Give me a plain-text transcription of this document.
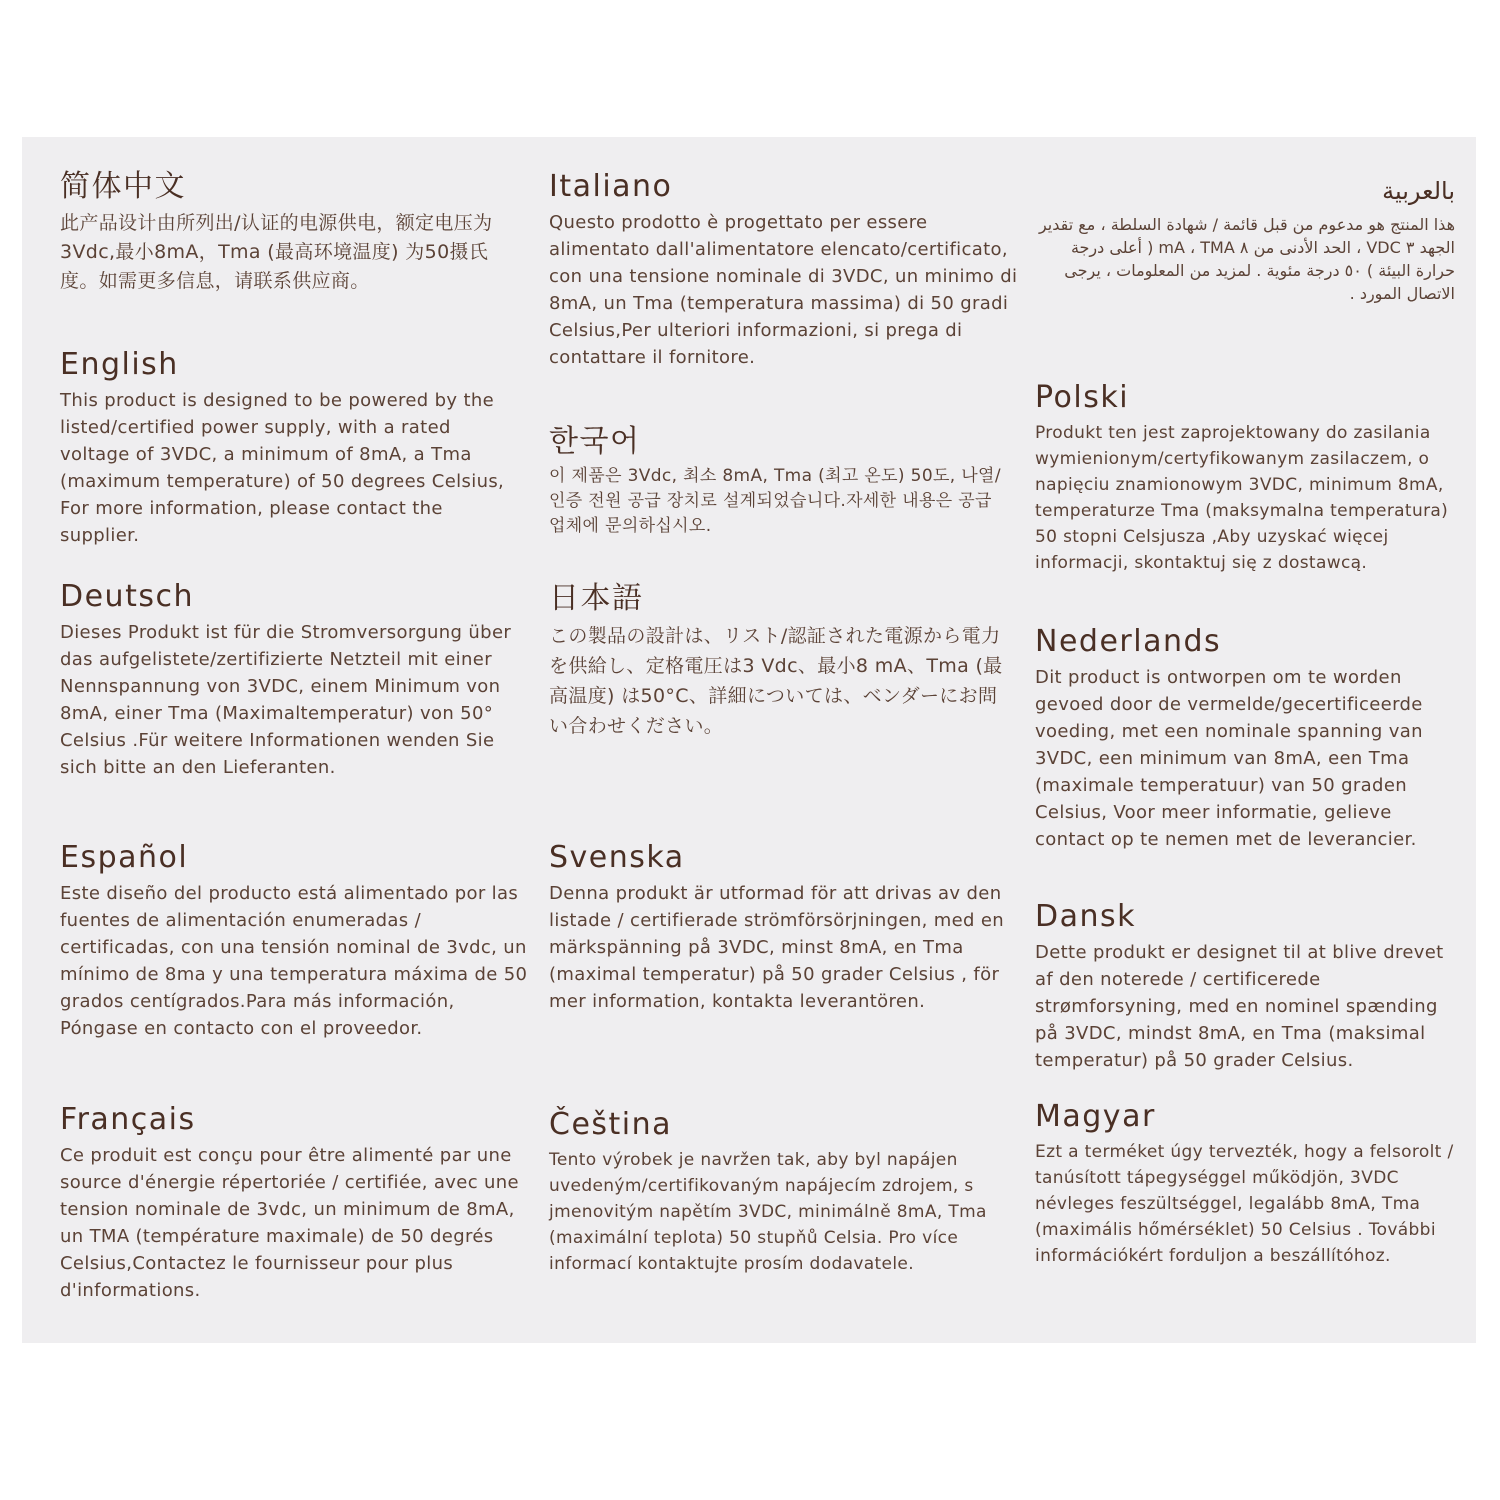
简体中文

此产品设计由所列出/认证的电源供电，额定电压为3Vdc,最小8mA，Tma (最高环境温度) 为50摄氏度。如需更多信息，请联系供应商。

English

This product is designed to be powered by the listed/certified power supply, with a rated voltage of 3VDC, a minimum of 8mA, a Tma (maximum temperature) of 50 degrees Celsius, For more information, please contact the supplier.

Deutsch

Dieses Produkt ist für die Stromversorgung über das aufgelistete/zertifizierte Netzteil mit einer Nennspannung von 3VDC, einem Minimum von 8mA, einer Tma (Maximaltemperatur) von 50° Celsius .Für weitere Informationen wenden Sie sich bitte an den Lieferanten.

Español

Este diseño del producto está alimentado por las fuentes de alimentación enumeradas / certificadas, con una tensión nominal de 3vdc, un mínimo de 8ma y una temperatura máxima de 50 grados centígrados.Para más información, Póngase en contacto con el proveedor.

Français

Ce produit est conçu pour être alimenté par une source d'énergie répertoriée / certifiée, avec une tension nominale de 3vdc, un minimum de 8mA, un TMA (température maximale) de 50 degrés Celsius,Contactez le fournisseur pour plus d'informations.

Italiano

Questo prodotto è progettato per essere alimentato dall'alimentatore elencato/certificato, con una tensione nominale di 3VDC, un minimo di 8mA, un Tma (temperatura massima) di 50 gradi Celsius,Per ulteriori informazioni, si prega di contattare il fornitore.

한국어

이 제품은 3Vdc, 최소 8mA, Tma (최고 온도) 50도, 나열/인증 전원 공급 장치로 설계되었습니다.자세한 내용은 공급업체에 문의하십시오.

日本語

この製品の設計は、リスト/認証された電源から電力を供給し、定格電圧は3 Vdc、最小8 mA、Tma (最高温度) は50°C、詳細については、ベンダーにお問い合わせください。

Svenska

Denna produkt är utformad för att drivas av den listade / certifierade strömförsörjningen, med en märkspänning på 3VDC, minst 8mA, en Tma (maximal temperatur) på 50 grader Celsius , för mer information, kontakta leverantören.

Čeština

Tento výrobek je navržen tak, aby byl napájen uvedeným/certifikovaným napájecím zdrojem, s jmenovitým napětím 3VDC, minimálně 8mA, Tma (maximální teplota) 50 stupňů Celsia. Pro více informací kontaktujte prosím dodavatele.

بالعربية

هذا المنتج هو مدعوم من قبل قائمة / شهادة السلطة ، مع تقدير الجهد ٣ VDC ، الحد الأدنى من ٨ mA ، TMA ( أعلى درجة حرارة البيئة ) ٥٠ درجة مئوية . لمزيد من المعلومات ، يرجى الاتصال المورد .

Polski

Produkt ten jest zaprojektowany do zasilania wymienionym/certyfikowanym zasilaczem, o napięciu znamionowym 3VDC, minimum 8mA, temperaturze Tma (maksymalna temperatura) 50 stopni Celsjusza ,Aby uzyskać więcej informacji, skontaktuj się z dostawcą.

Nederlands

Dit product is ontworpen om te worden gevoed door de vermelde/gecertificeerde voeding, met een nominale spanning van 3VDC, een minimum van 8mA, een Tma (maximale temperatuur) van 50 graden Celsius, Voor meer informatie, gelieve contact op te nemen met de leverancier.

Dansk

Dette produkt er designet til at blive drevet af den noterede / certificerede strømforsyning, med en nominel spænding på 3VDC, mindst 8mA, en Tma (maksimal temperatur) på 50 grader Celsius.

Magyar

Ezt a terméket úgy tervezték, hogy a felsorolt / tanúsított tápegységgel működjön, 3VDC névleges feszültséggel, legalább 8mA, Tma (maximális hőmérséklet) 50 Celsius . További információkért forduljon a beszállítóhoz.
